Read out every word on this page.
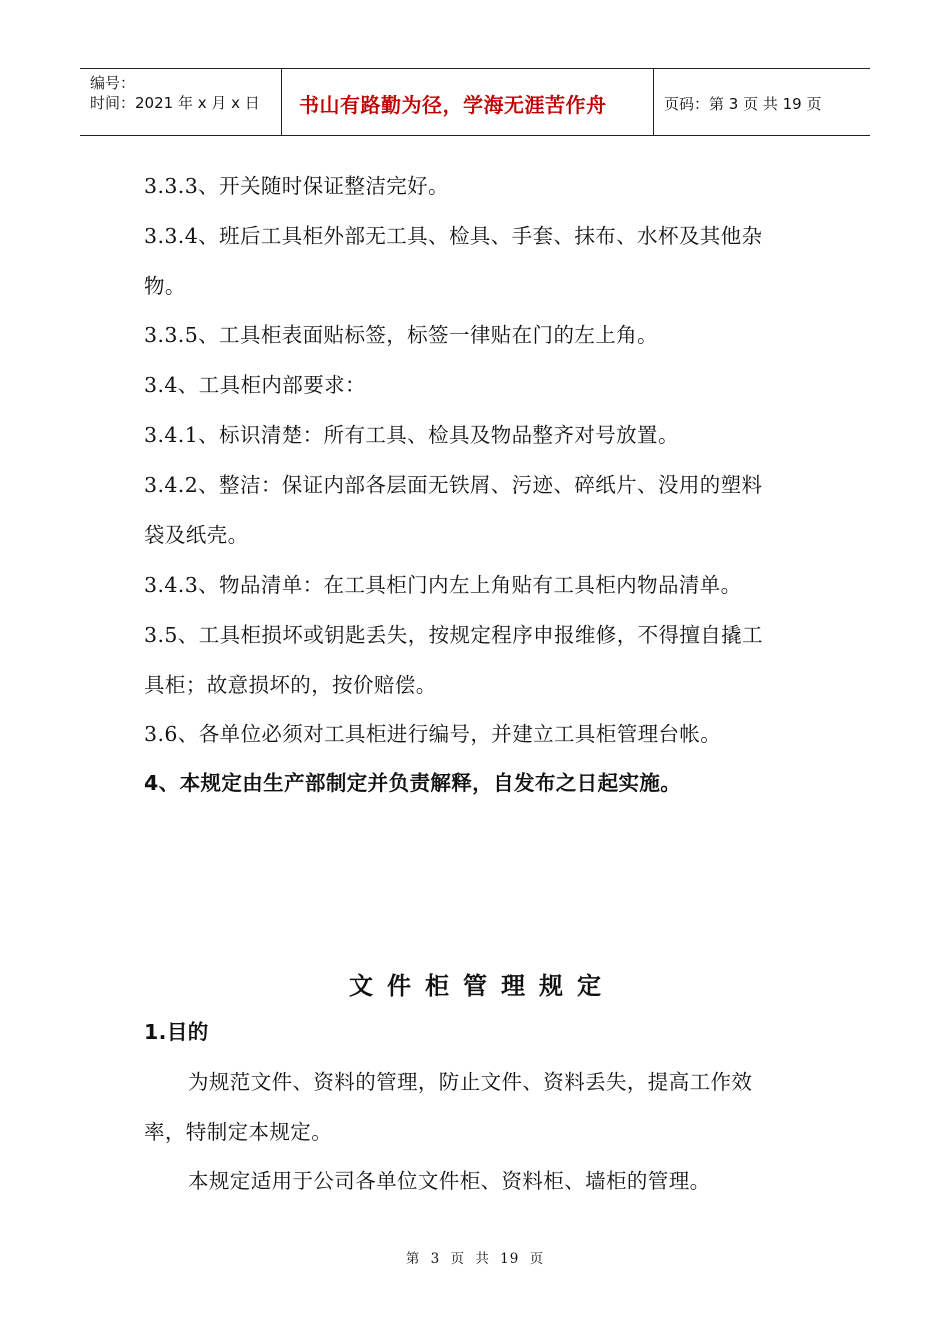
编号：
时间：2021 年 x 月 x 日	书山有路勤为径，学海无涯苦作舟	页码：第 3 页 共 19 页
3.3.3、开关随时保证整洁完好。
3.3.4、班后工具柜外部无工具、检具、手套、抹布、水杯及其他杂
物。
3.3.5、工具柜表面贴标签，标签一律贴在门的左上角。
3.4、工具柜内部要求：
3.4.1、标识清楚：所有工具、检具及物品整齐对号放置。
3.4.2、整洁：保证内部各层面无铁屑、污迹、碎纸片、没用的塑料
袋及纸壳。
3.4.3、物品清单：在工具柜门内左上角贴有工具柜内物品清单。
3.5、工具柜损坏或钥匙丢失，按规定程序申报维修，不得擅自撬工
具柜；故意损坏的，按价赔偿。
3.6、各单位必须对工具柜进行编号，并建立工具柜管理台帐。
4、本规定由生产部制定并负责解释，自发布之日起实施。
文件柜管理规定
1.目的
为规范文件、资料的管理，防止文件、资料丢失，提高工作效
率，特制定本规定。
本规定适用于公司各单位文件柜、资料柜、墙柜的管理。
第 3 页 共 19 页
